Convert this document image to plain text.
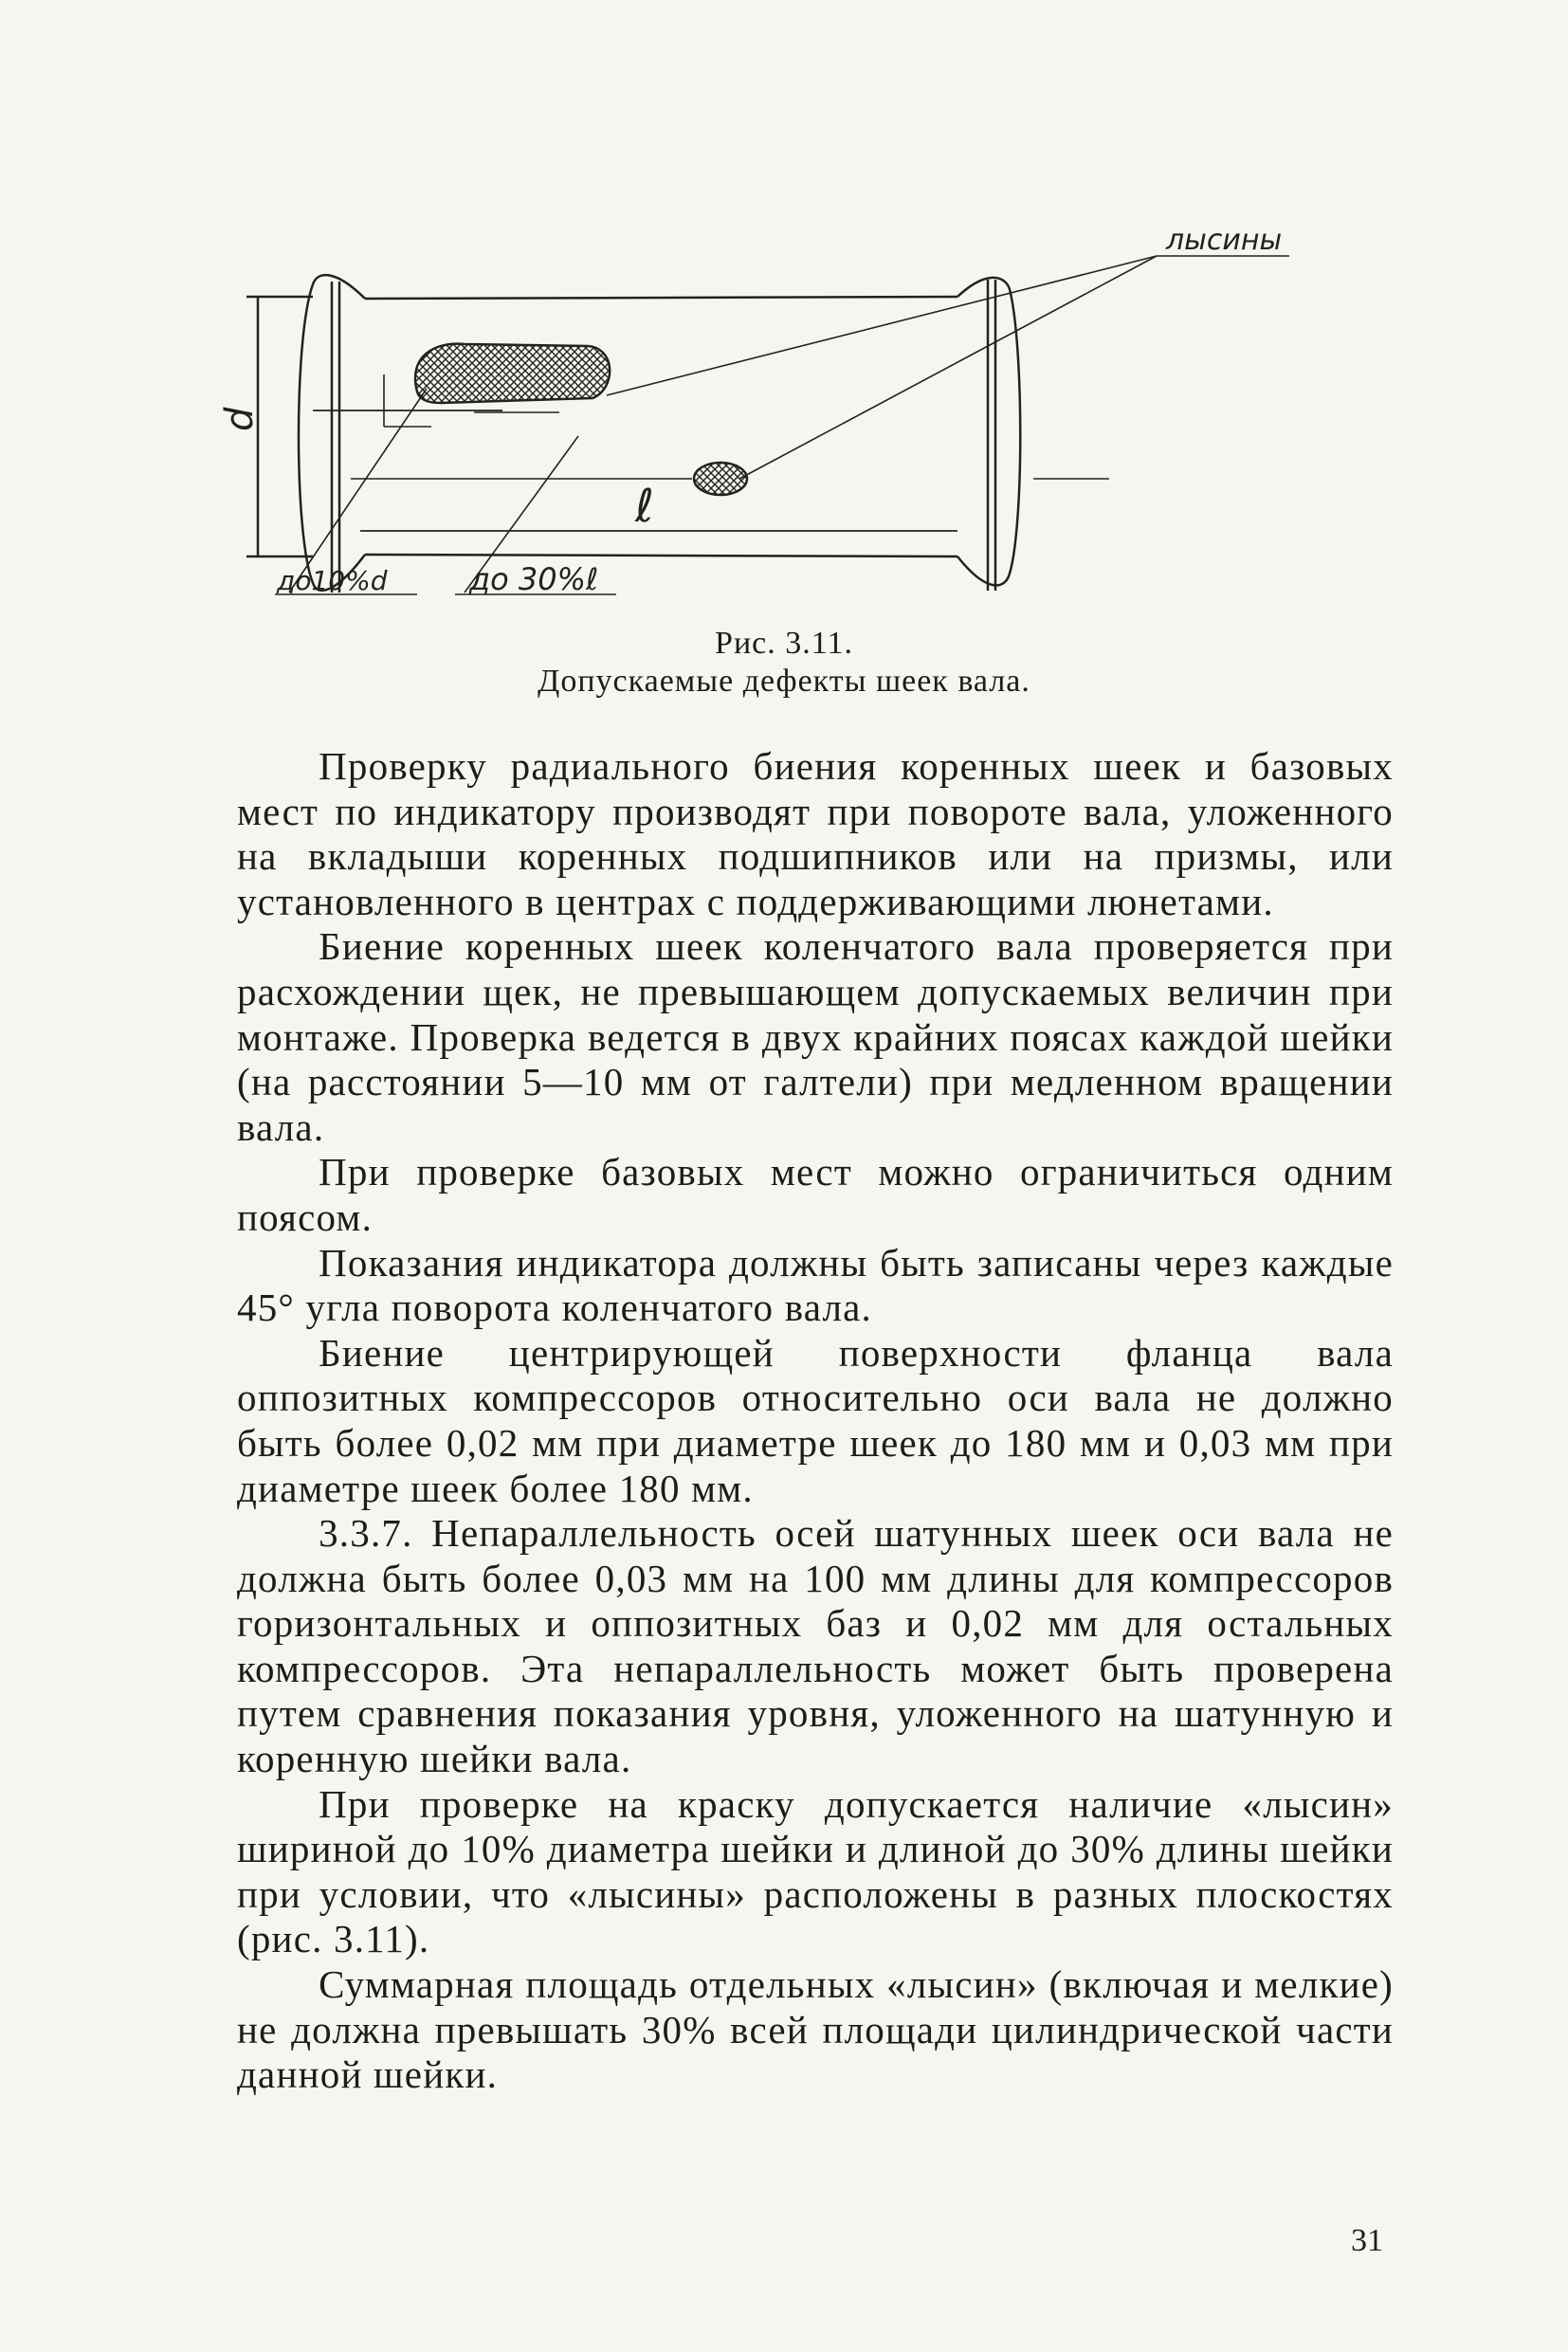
d
ℓ
лысины
до10%d	до 30%ℓ
Рис. 3.11.
Допускаемые дефекты шеек вала.

Проверку радиального биения коренных шеек и базовых мест по индикатору производят при повороте вала, уложенного на вкладыши коренных подшипников или на призмы, или установленного в центрах с поддерживающими люнетами.

Биение коренных шеек коленчатого вала проверяется при расхождении щек, не превышающем допускаемых величин при монтаже. Проверка ведется в двух крайних поясах каждой шейки (на расстоянии 5—10 мм от галтели) при медленном вращении вала.

При проверке базовых мест можно ограничиться одним поясом.

Показания индикатора должны быть записаны через каждые 45° угла поворота коленчатого вала.

Биение центрирующей поверхности фланца вала оппозитных компрессоров относительно оси вала не должно быть более 0,02 мм при диаметре шеек до 180 мм и 0,03 мм при диаметре шеек более 180 мм.

3.3.7. Непараллельность осей шатунных шеек оси вала не должна быть более 0,03 мм на 100 мм длины для компрессоров горизонтальных и оппозитных баз и 0,02 мм для остальных компрессоров. Эта непараллельность может быть проверена путем сравнения показания уровня, уложенного на шатунную и коренную шейки вала.

При проверке на краску допускается наличие «лысин» шириной до 10% диаметра шейки и длиной до 30% длины шейки при условии, что «лысины» расположены в разных плоскостях (рис. 3.11).

Суммарная площадь отдельных «лысин» (включая и мелкие) не должна превышать 30% всей площади цилиндрической части данной шейки.

31
